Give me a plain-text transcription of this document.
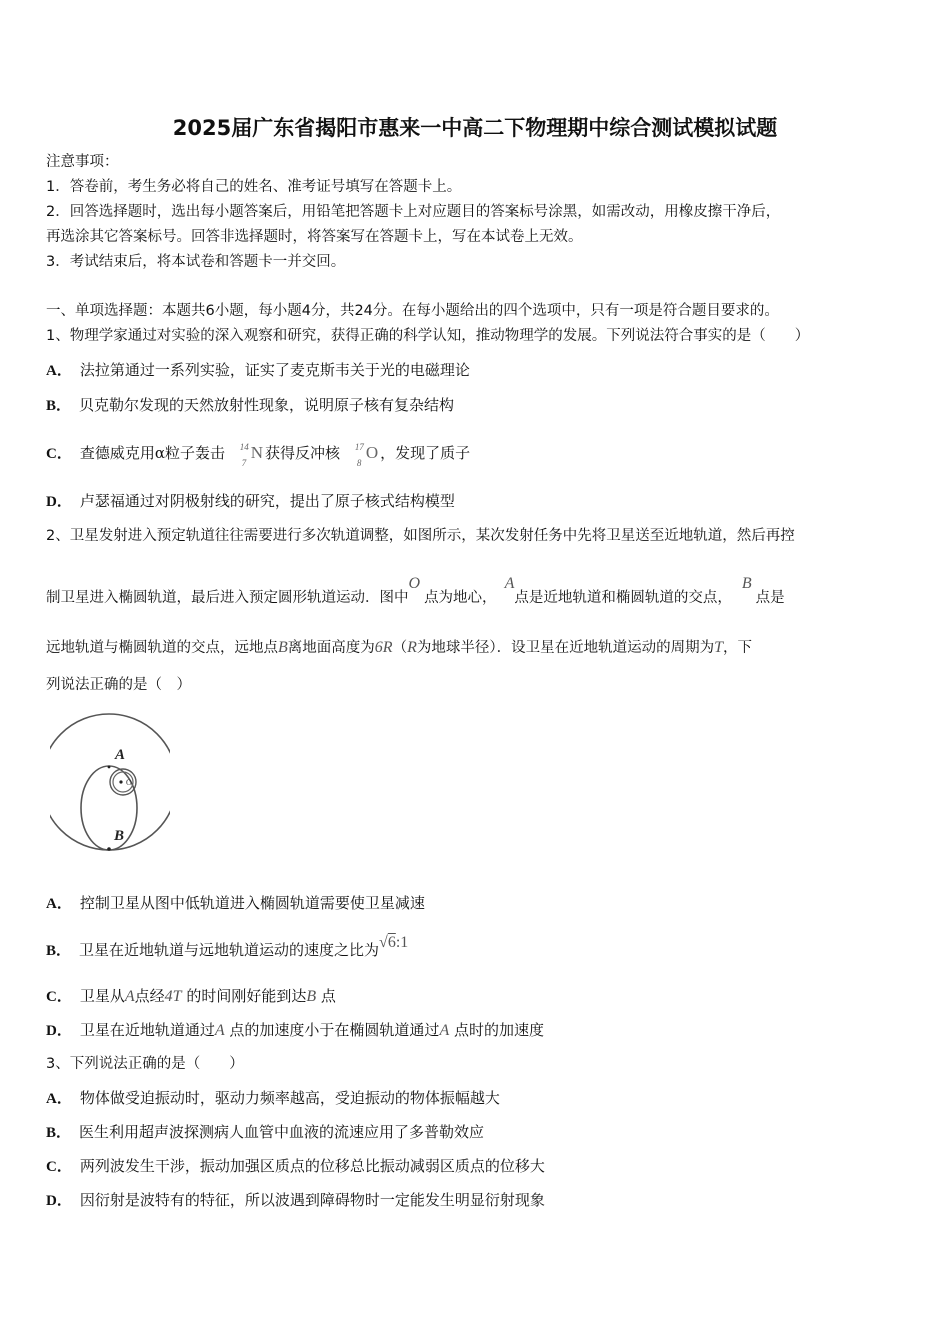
2025届广东省揭阳市惠来一中高二下物理期中综合测试模拟试题
注意事项：
1．答卷前，考生务必将自己的姓名、准考证号填写在答题卡上。
2．回答选择题时，选出每小题答案后，用铅笔把答题卡上对应题目的答案标号涂黑，如需改动，用橡皮擦干净后，
再选涂其它答案标号。回答非选择题时，将答案写在答题卡上，写在本试卷上无效。
3．考试结束后，将本试卷和答题卡一并交回。
一、单项选择题：本题共6小题，每小题4分，共24分。在每小题给出的四个选项中，只有一项是符合题目要求的。
1、物理学家通过对实验的深入观察和研究，获得正确的科学认知，推动物理学的发展。下列说法符合事实的是（　　）
A． 法拉第通过一系列实验，证实了麦克斯韦关于光的电磁理论
B． 贝克勒尔发现的天然放射性现象，说明原子核有复杂结构
C． 查德威克用α粒子轰击 14
7
N 获得反冲核 17
8
O ，发现了质子
D． 卢瑟福通过对阴极射线的研究，提出了原子核式结构模型
2、卫星发射进入预定轨道往往需要进行多次轨道调整，如图所示，某次发射任务中先将卫星送至近地轨道，然后再控
制卫星进入椭圆轨道，最后进入预定圆形轨道运动．图中O点为地心，A点是近地轨道和椭圆轨道的交点，B点是
远地轨道与椭圆轨道的交点，远地点B离地面高度为6R（R为地球半径）．设卫星在近地轨道运动的周期为T，下
列说法正确的是（　）
A
O
B
A． 控制卫星从图中低轨道进入椭圆轨道需要使卫星减速
B． 卫星在近地轨道与远地轨道运动的速度之比为√6:1
C． 卫星从A点经4T 的时间刚好能到达B 点
D． 卫星在近地轨道通过A 点的加速度小于在椭圆轨道通过A 点时的加速度
3、下列说法正确的是（　　）
A． 物体做受迫振动时，驱动力频率越高，受迫振动的物体振幅越大
B． 医生利用超声波探测病人血管中血液的流速应用了多普勒效应
C． 两列波发生干涉，振动加强区质点的位移总比振动减弱区质点的位移大
D． 因衍射是波特有的特征，所以波遇到障碍物时一定能发生明显衍射现象
